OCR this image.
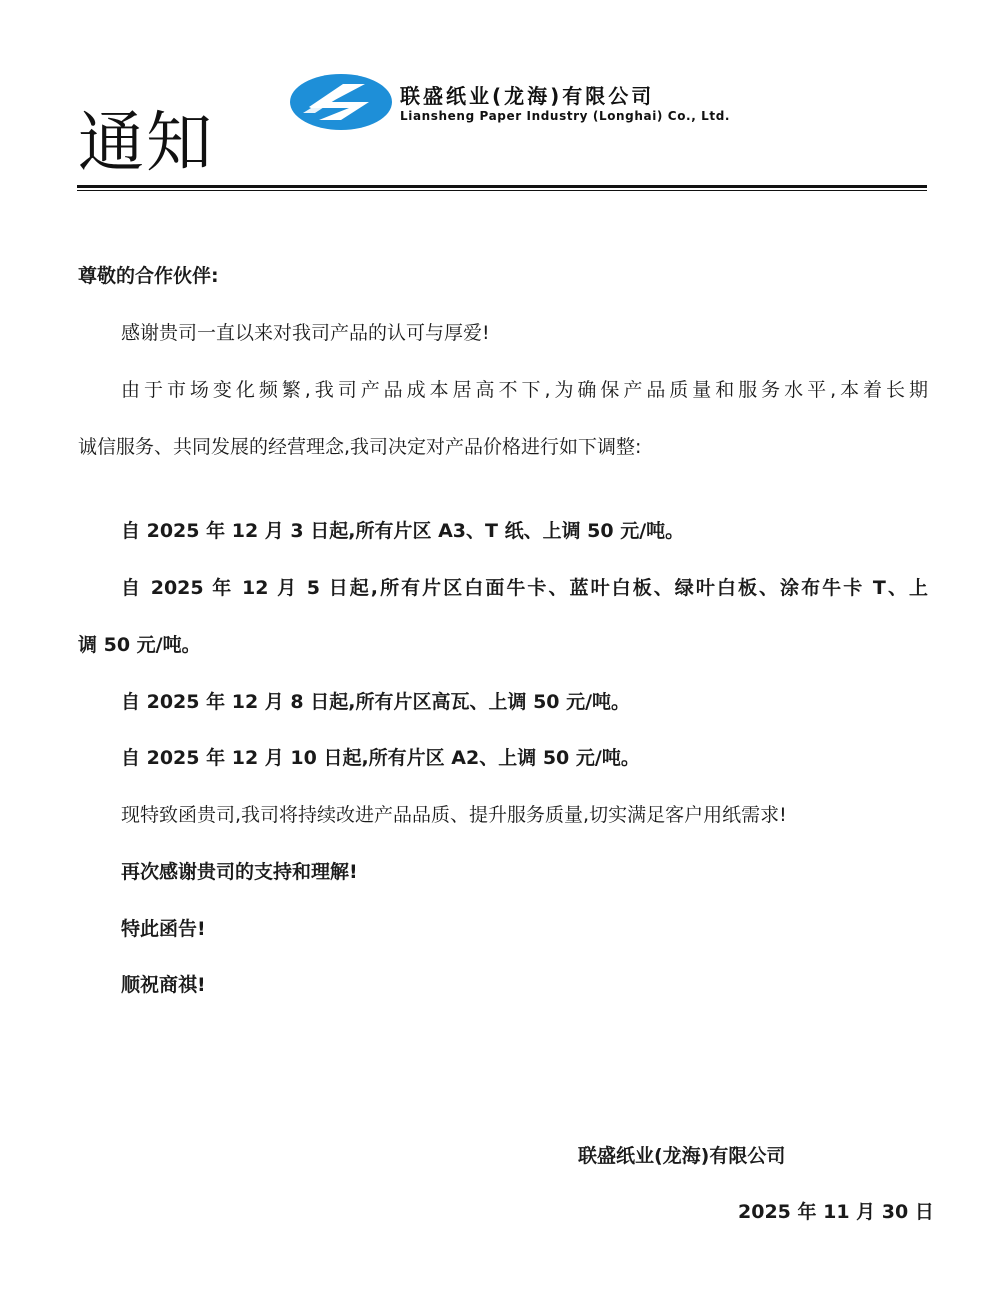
通知
联盛纸业(龙海)有限公司
Liansheng Paper Industry (Longhai) Co., Ltd.
尊敬的合作伙伴:
感谢贵司一直以来对我司产品的认可与厚爱!
由于市场变化频繁,我司产品成本居高不下,为确保产品质量和服务水平,本着长期
诚信服务、共同发展的经营理念,我司决定对产品价格进行如下调整:
自 2025 年 12 月 3 日起,所有片区 A3、T 纸、上调 50 元/吨。
自 2025 年 12 月 5 日起,所有片区白面牛卡、蓝叶白板、绿叶白板、涂布牛卡 T、上
调 50 元/吨。
自 2025 年 12 月 8 日起,所有片区高瓦、上调 50 元/吨。
自 2025 年 12 月 10 日起,所有片区 A2、上调 50 元/吨。
现特致函贵司,我司将持续改进产品品质、提升服务质量,切实满足客户用纸需求!
再次感谢贵司的支持和理解!
特此函告!
顺祝商祺!
联盛纸业(龙海)有限公司
2025 年 11 月 30 日
